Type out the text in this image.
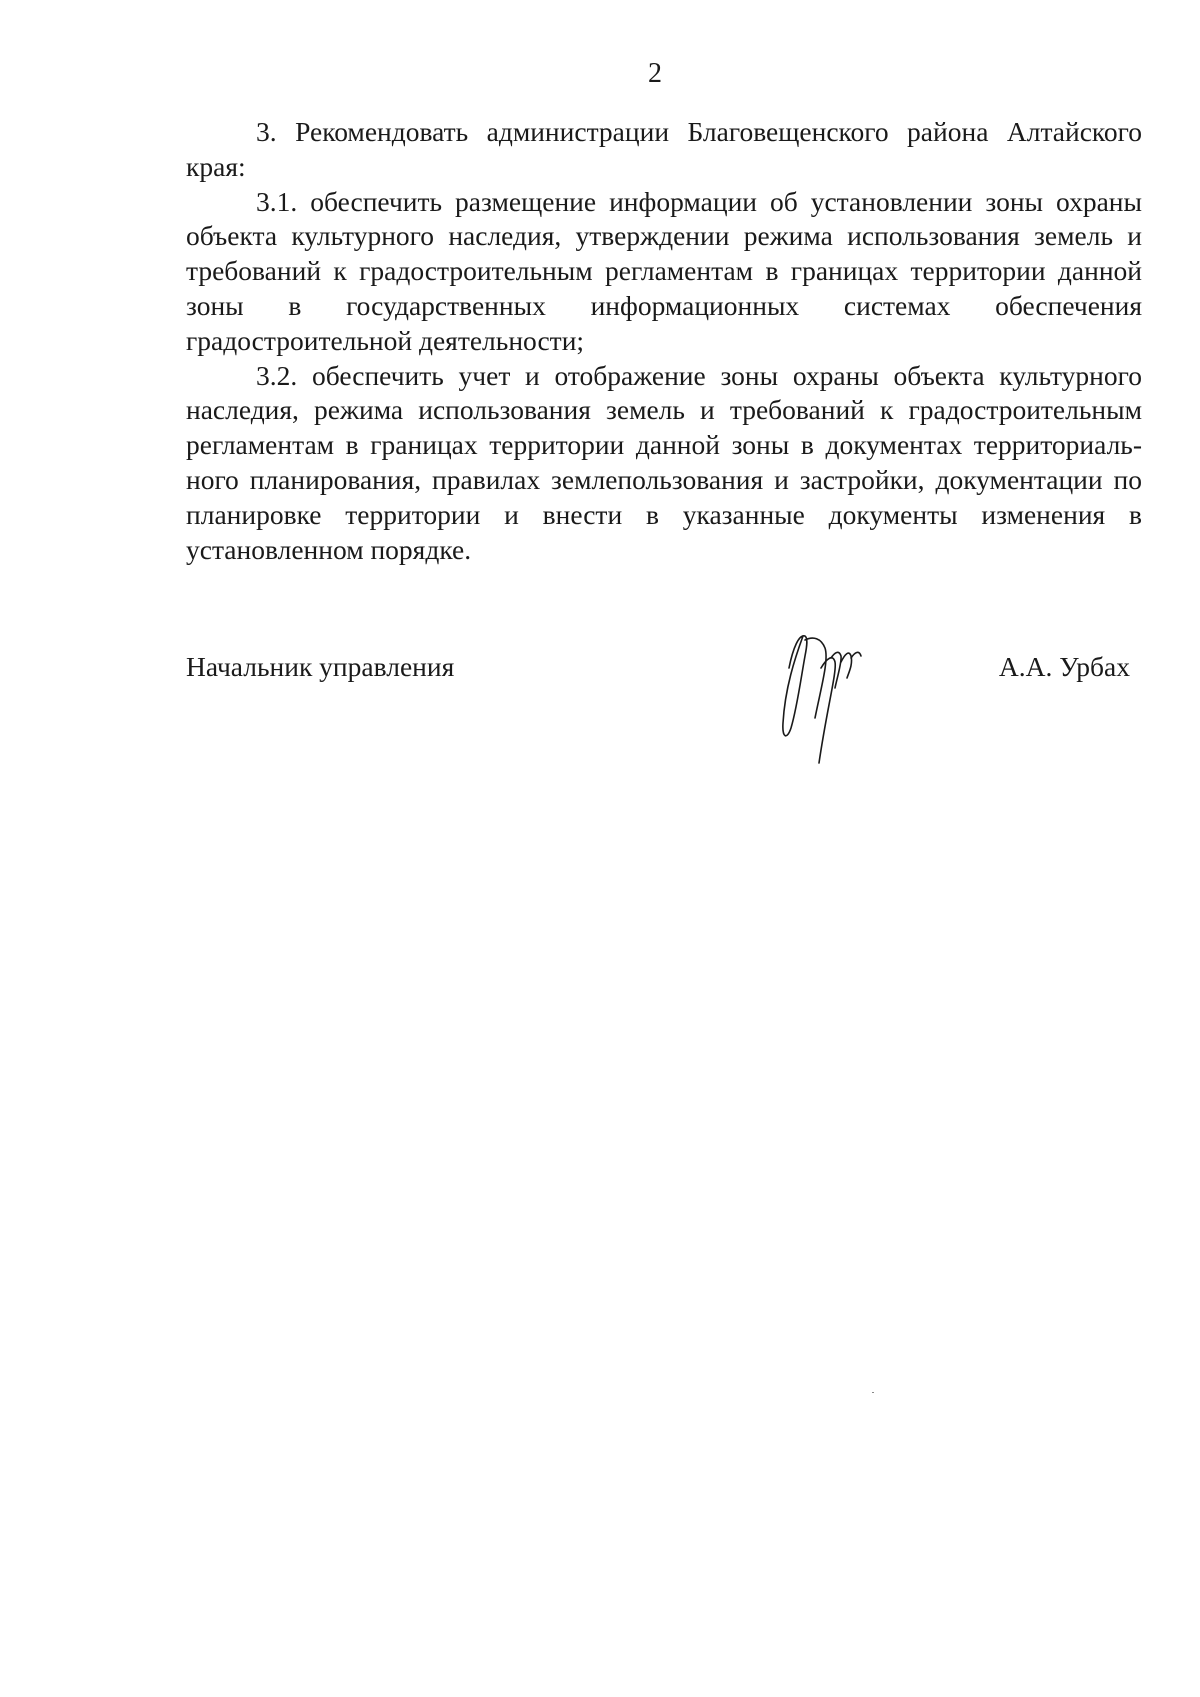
2

3. Рекомендовать администрации Благовещенского района Алтайского края:

3.1. обеспечить размещение информации об установлении зоны охраны объекта культурного наследия, утверждении режима использования земель и требований к градостроительным регламентам в границах территории данной зоны в государственных информационных системах обеспечения градостроительной деятельности;

3.2. обеспечить учет и отображение зоны охраны объекта культурного наследия, режима использования земель и требований к градостроительным регламентам в границах территории данной зоны в документах территориаль-ного планирования, правилах землепользования и застройки, документации по планировке территории и внести в указанные документы изменения в установленном порядке.

Начальник управления	А.А. Урбах
